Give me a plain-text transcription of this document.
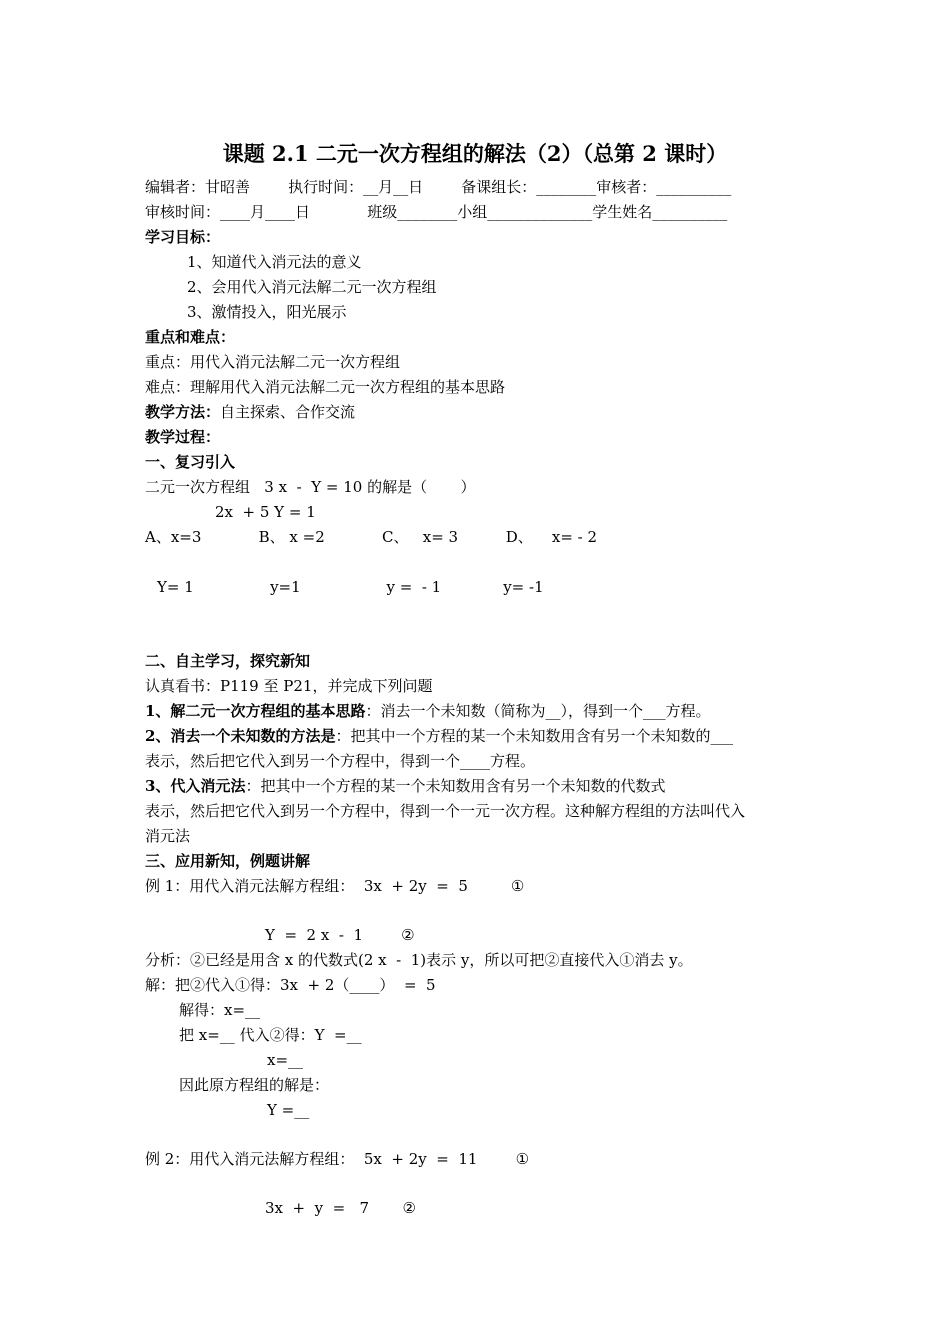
课题 2.1 二元一次方程组的解法（2）（总第 2 课时）
编辑者：甘昭善        执行时间：__月__日        备课组长：________审核者：__________
审核时间：____月____日            班级________小组______________学生姓名__________
学习目标：
1、知道代入消元法的意义
2、会用代入消元法解二元一次方程组
3、激情投入，阳光展示
重点和难点：
重点：用代入消元法解二元一次方程组
难点：理解用代入消元法解二元一次方程组的基本思路
教学方法：自主探索、合作交流
教学过程：
一、复习引入
二元一次方程组   3 x  -  Y = 10 的解是（       ）
2x  + 5 Y = 1
A、x=3            B、 x =2            C、   x= 3          D、    x= - 2
Y= 1                y=1                  y =  - 1             y= -1
二、自主学习，探究新知
认真看书：P119 至 P21，并完成下列问题
1、解二元一次方程组的基本思路：消去一个未知数（简称为__），得到一个___方程。
2、消去一个未知数的方法是：把其中一个方程的某一个未知数用含有另一个未知数的___
表示，然后把它代入到另一个方程中，得到一个____方程。
3、代入消元法：把其中一个方程的某一个未知数用含有另一个未知数的代数式
表示，然后把它代入到另一个方程中，得到一个一元一次方程。这种解方程组的方法叫代入
消元法
三、应用新知，例题讲解
例 1：用代入消元法解方程组：  3x  + 2y  =  5         ①
Y  =  2 x  -  1        ②
分析：②已经是用含 x 的代数式(2 x  -  1)表示 y，所以可把②直接代入①消去 y。
解：把②代入①得：3x  + 2（____）  =  5
解得：x=__
把 x=__ 代入②得：Y  =__
x=__
因此原方程组的解是：
Y =__
例 2：用代入消元法解方程组：  5x  + 2y  =  11        ①
3x  +  y  =   7       ②
